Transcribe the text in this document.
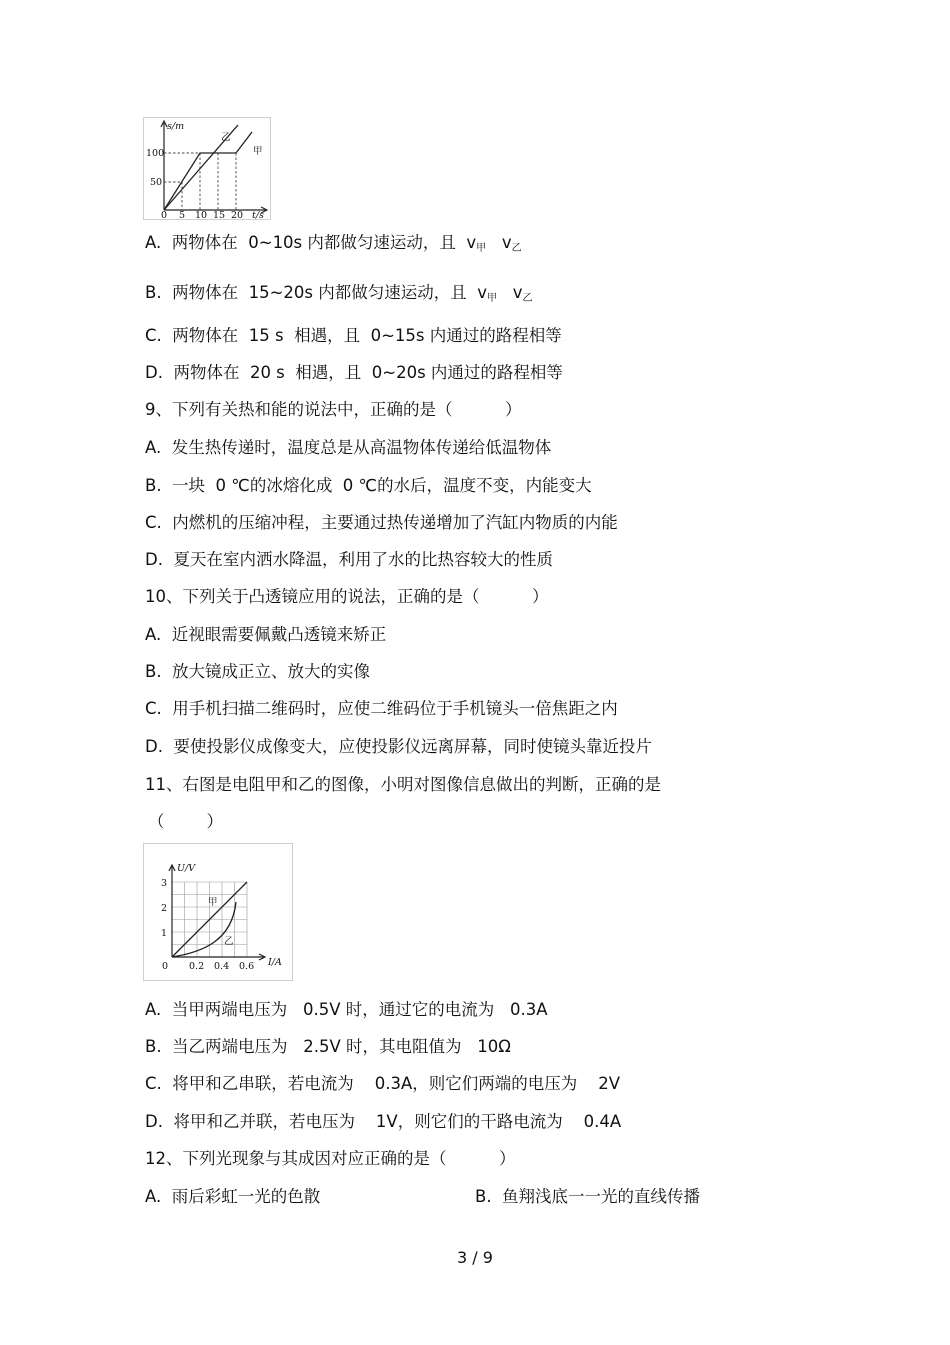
s/m
t/s
100
50
0 5 10 15 20
乙
甲
A. 两物体在  0~10s 内都做匀速运动，且  $v_甲$   $v_乙$
B. 两物体在  15~20s 内都做匀速运动，且  $v_甲$   $v_乙$
C. 两物体在  15 s  相遇，且  0~15s 内通过的路程相等
D. 两物体在  20 s  相遇，且  0~20s 内通过的路程相等
9、下列有关热和能的说法中，正确的是（          ）
A.  发生热传递时，温度总是从高温物体传递给低温物体
B.  一块  0 ℃的冰熔化成  0 ℃的水后，温度不变，内能变大
C.  内燃机的压缩冲程，主要通过热传递增加了汽缸内物质的内能
D.  夏天在室内洒水降温，利用了水的比热容较大的性质
10、下列关于凸透镜应用的说法，正确的是（          ）
A.  近视眼需要佩戴凸透镜来矫正
B.  放大镜成正立、放大的实像
C.  用手机扫描二维码时，应使二维码位于手机镜头一倍焦距之内
D.  要使投影仪成像变大，应使投影仪远离屏幕，同时使镜头靠近投片
11、右图是电阻甲和乙的图像，小明对图像信息做出的判断，正确的是
（        ）
U/V
I/A
3
2
1
0 0.2 0.4 0.6
甲
乙
A.  当甲两端电压为   0.5V 时，通过它的电流为   0.3A
B.  当乙两端电压为   2.5V 时，其电阻值为   10Ω
C.  将甲和乙串联，若电流为    0.3A，则它们两端的电压为    2V
D.  将甲和乙并联，若电压为    1V，则它们的干路电流为    0.4A
12、下列光现象与其成因对应正确的是（          ）
A.  雨后彩虹一光的色散	B.  鱼翔浅底一一光的直线传播
3 / 9
